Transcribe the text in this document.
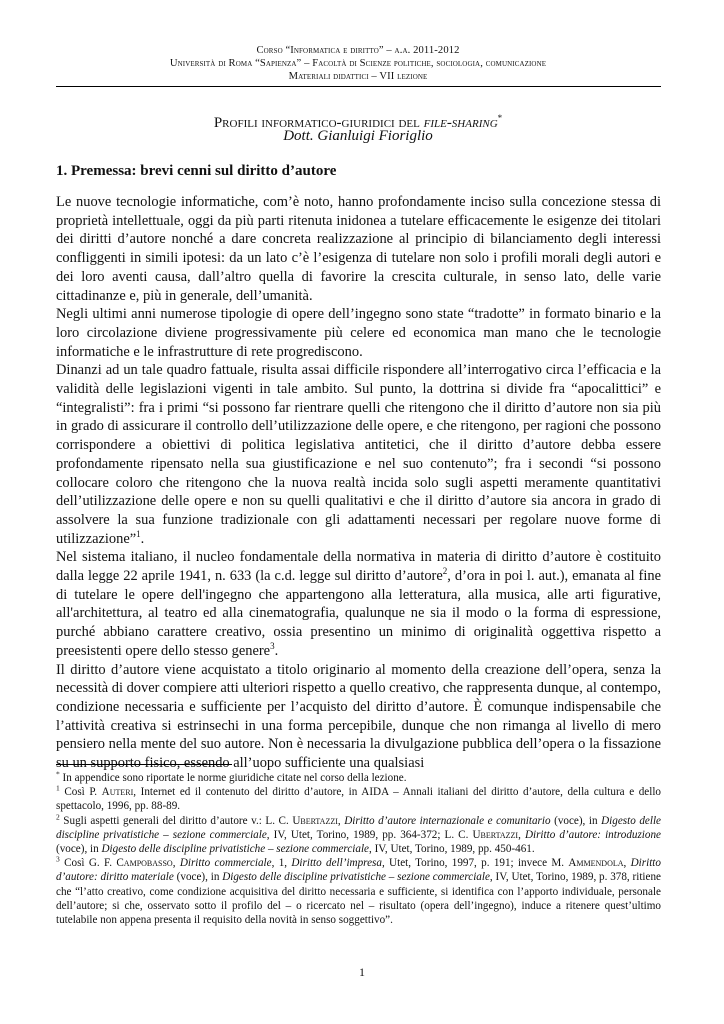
Corso “Informatica e diritto” – a.a. 2011-2012
Università di Roma “Sapienza” – Facoltà di Scienze politiche, sociologia, comunicazione
Materiali didattici – VII lezione
Profili informatico-giuridici del file-sharing*
Dott. Gianluigi Fioriglio
1. Premessa: brevi cenni sul diritto d’autore

Le nuove tecnologie informatiche, com’è noto, hanno profondamente inciso sulla concezione stessa di proprietà intellettuale, oggi da più parti ritenuta inidonea a tutelare efficacemente le esigenze dei titolari dei diritti d’autore nonché a dare concreta realizzazione al principio di bilanciamento degli interessi confliggenti in simili ipotesi: da un lato c’è l’esigenza di tutelare non solo i profili morali degli autori e dei loro aventi causa, dall’altro quella di favorire la crescita culturale, in senso lato, delle varie cittadinanze e, più in generale, dell’umanità.

Negli ultimi anni numerose tipologie di opere dell’ingegno sono state “tradotte” in formato binario e la loro circolazione diviene progressivamente più celere ed economica man mano che le tecnologie informatiche e le infrastrutture di rete progrediscono.

Dinanzi ad un tale quadro fattuale, risulta assai difficile rispondere all’interrogativo circa l’efficacia e la validità delle legislazioni vigenti in tale ambito. Sul punto, la dottrina si divide fra “apocalittici” e “integralisti”: fra i primi “si possono far rientrare quelli che ritengono che il diritto d’autore non sia più in grado di assicurare il controllo dell’utilizzazione delle opere, e che ritengono, per ragioni che possono corrispondere a obiettivi di politica legislativa antitetici, che il diritto d’autore debba essere profondamente ripensato nella sua giustificazione e nel suo contenuto”; fra i secondi “si possono collocare coloro che ritengono che la nuova realtà incida solo sugli aspetti meramente quantitativi dell’utilizzazione delle opere e non su quelli qualitativi e che il diritto d’autore sia ancora in grado di assolvere la sua funzione tradizionale con gli adattamenti necessari per regolare nuove forme di utilizzazione”$^1$.

Nel sistema italiano, il nucleo fondamentale della normativa in materia di diritto d’autore è costituito dalla legge 22 aprile 1941, n. 633 (la c.d. legge sul diritto d’autore$^2$, d’ora in poi l. aut.), emanata al fine di tutelare le opere dell'ingegno che appartengono alla letteratura, alla musica, alle arti figurative, all'architettura, al teatro ed alla cinematografia, qualunque ne sia il modo o la forma di espressione, purché abbiano carattere creativo, ossia presentino un minimo di originalità oggettiva rispetto a preesistenti opere dello stesso genere$^3$.

Il diritto d’autore viene acquistato a titolo originario al momento della creazione dell’opera, senza la necessità di dover compiere atti ulteriori rispetto a quello creativo, che rappresenta dunque, al contempo, condizione necessaria e sufficiente per l’acquisto del diritto d’autore. È comunque indispensabile che l’attività creativa si estrinsechi in una forma percepibile, dunque che non rimanga al livello di mero pensiero nella mente del suo autore. Non è necessaria la divulgazione pubblica dell’opera o la fissazione su un supporto fisico, essendo all’uopo sufficiente una qualsiasi

* In appendice sono riportate le norme giuridiche citate nel corso della lezione.

$^1$ Così P. Auteri, Internet ed il contenuto del diritto d’autore, in AIDA – Annali italiani del diritto d’autore, della cultura e dello spettacolo, 1996, pp. 88-89.

$^2$ Sugli aspetti generali del diritto d’autore v.: L. C. Ubertazzi, Diritto d’autore internazionale e comunitario (voce), in Digesto delle discipline privatistiche – sezione commerciale, IV, Utet, Torino, 1989, pp. 364-372; L. C. Ubertazzi, Diritto d’autore: introduzione (voce), in Digesto delle discipline privatistiche – sezione commerciale, IV, Utet, Torino, 1989, pp. 450-461.

$^3$ Così G. F. Campobasso, Diritto commerciale, 1, Diritto dell’impresa, Utet, Torino, 1997, p. 191; invece M. Ammendola, Diritto d’autore: diritto materiale (voce), in Digesto delle discipline privatistiche – sezione commerciale, IV, Utet, Torino, 1989, p. 378, ritiene che “l’atto creativo, come condizione acquisitiva del diritto necessaria e sufficiente, si identifica con l’apporto individuale, personale dell’autore; si che, osservato sotto il profilo del – o ricercato nel – risultato (opera dell’ingegno), induce a ritenere quest’ultimo tutelabile non appena presenta il requisito della novità in senso soggettivo”.

1
